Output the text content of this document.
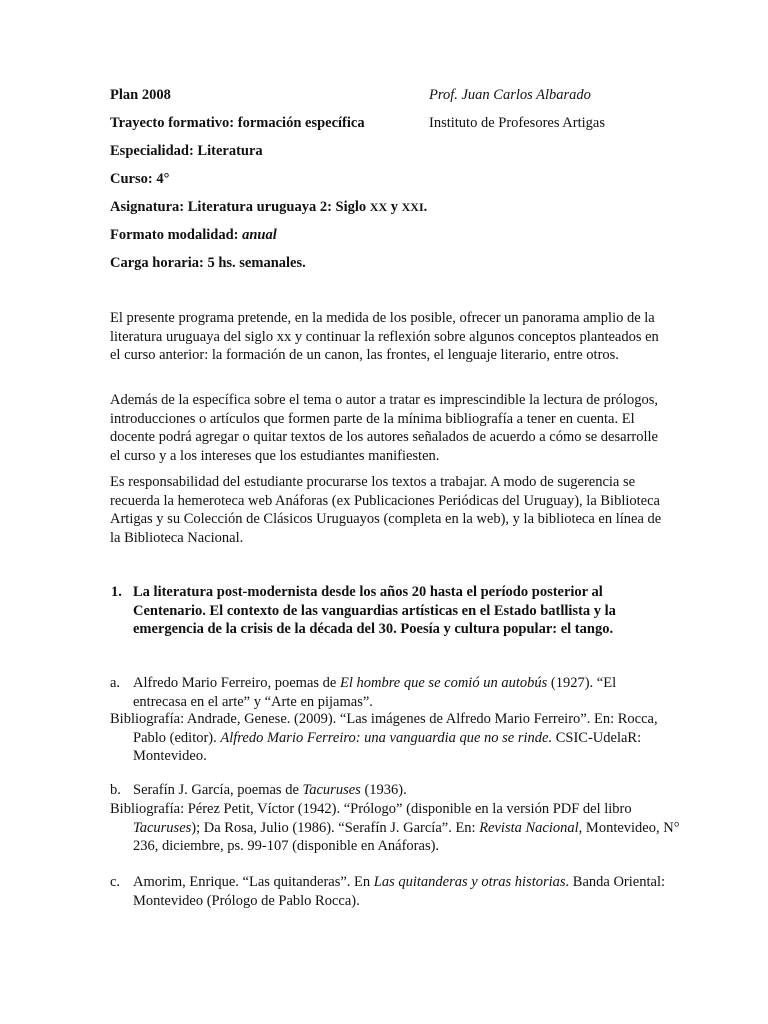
Plan 2008	Prof. Juan Carlos Albarado
Trayecto formativo: formación específica	Instituto de Profesores Artigas
Especialidad: Literatura
Curso: 4°
Asignatura: Literatura uruguaya 2: Siglo XX y XXI.
Formato modalidad: anual
Carga horaria: 5 hs. semanales.

El presente programa pretende, en la medida de los posible, ofrecer un panorama amplio de la literatura uruguaya del siglo xx y continuar la reflexión sobre algunos conceptos planteados en el curso anterior: la formación de un canon, las frontes, el lenguaje literario, entre otros.

Además de la específica sobre el tema o autor a tratar es imprescindible la lectura de prólogos, introducciones o artículos que formen parte de la mínima bibliografía a tener en cuenta. El docente podrá agregar o quitar textos de los autores señalados de acuerdo a cómo se desarrolle el curso y a los intereses que los estudiantes manifiesten.

Es responsabilidad del estudiante procurarse los textos a trabajar. A modo de sugerencia se recuerda la hemeroteca web Anáforas (ex Publicaciones Periódicas del Uruguay), la Biblioteca Artigas y su Colección de Clásicos Uruguayos (completa en la web), y la biblioteca en línea de la Biblioteca Nacional.

1. La literatura post-modernista desde los años 20 hasta el período posterior al Centenario. El contexto de las vanguardias artísticas en el Estado batllista y la emergencia de la crisis de la década del 30. Poesía y cultura popular: el tango.
a. Alfredo Mario Ferreiro, poemas de El hombre que se comió un autobús (1927). “El entrecasa en el arte” y “Arte en pijamas”.

Bibliografía: Andrade, Genese. (2009). “Las imágenes de Alfredo Mario Ferreiro”. En: Rocca, Pablo (editor). Alfredo Mario Ferreiro: una vanguardia que no se rinde. CSIC-UdelaR: Montevideo.

b. Serafín J. García, poemas de Tacuruses (1936).

Bibliografía: Pérez Petit, Víctor (1942). “Prólogo” (disponible en la versión PDF del libro Tacuruses); Da Rosa, Julio (1986). “Serafín J. García”. En: Revista Nacional, Montevideo, N° 236, diciembre, ps. 99-107 (disponible en Anáforas).

c. Amorim, Enrique. “Las quitanderas”. En Las quitanderas y otras historias. Banda Oriental: Montevideo (Prólogo de Pablo Rocca).
